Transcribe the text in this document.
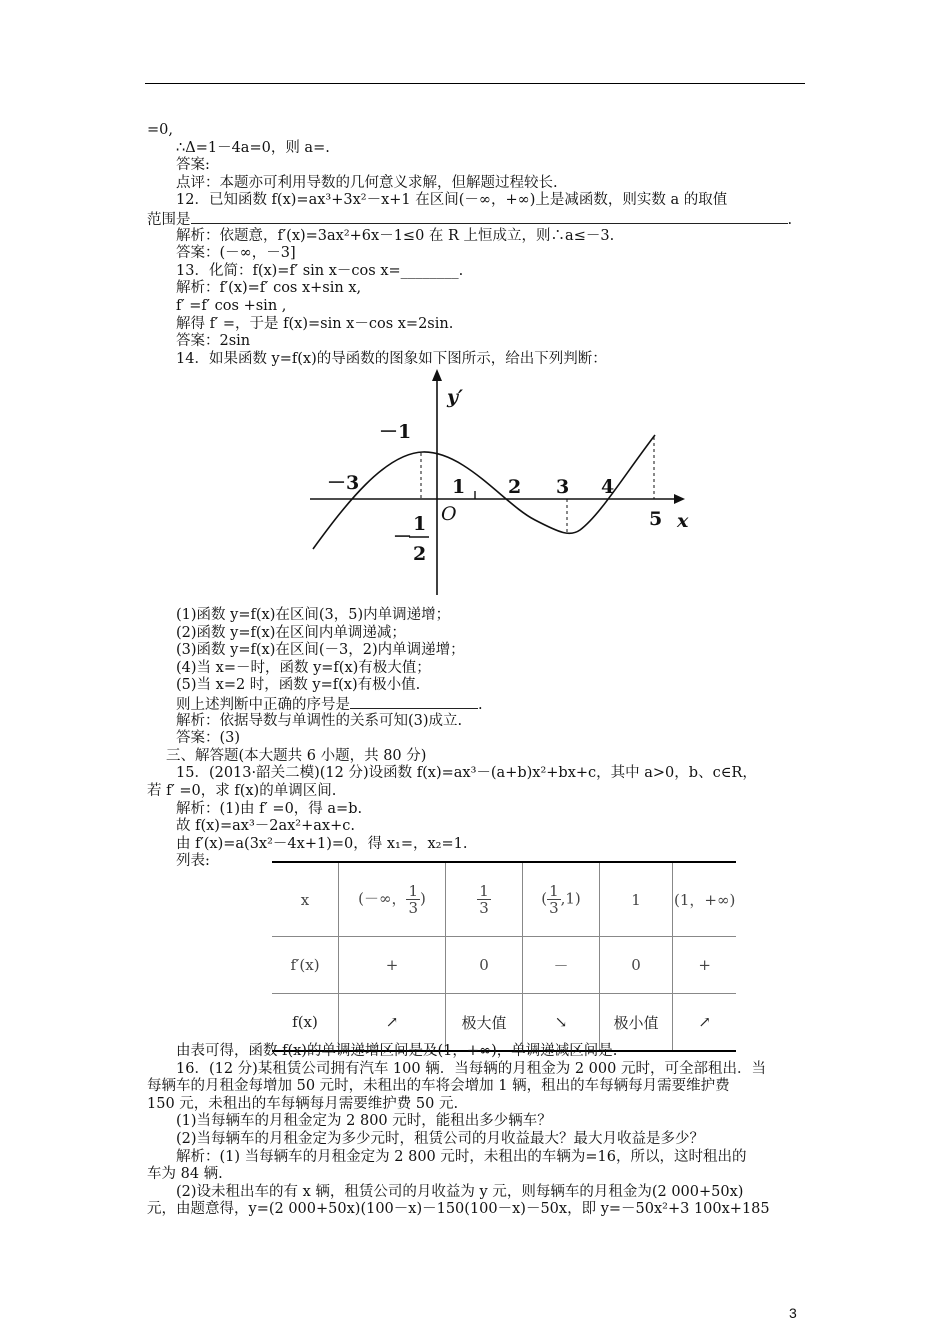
=0,
∴Δ=1－4a=0，则 a=.
答案:
点评：本题亦可利用导数的几何意义求解，但解题过程较长.
12．已知函数 f(x)=ax³+3x²－x+1 在区间(－∞，+∞)上是减函数，则实数 a 的取值
范围是	.
解析：依题意，f′(x)=3ax²+6x－1≤0 在 R 上恒成立，则∴a≤－3.
答案：(－∞，－3]
13．化简：f(x)=f′ sin x－cos x=________.
解析：f′(x)=f′ cos x+sin x,
f′ =f′ cos +sin ,
解得 f′ =，于是 f(x)=sin x－cos x=2sin.
答案：2sin
14．如果函数 y=f(x)的导函数的图象如下图所示，给出下列判断：
y′
x
O
－1
－3	1 2 3 4
5
－
1
2
(1)函数 y=f(x)在区间(3，5)内单调递增；
(2)函数 y=f(x)在区间内单调递减；
(3)函数 y=f(x)在区间(－3，2)内单调递增；
(4)当 x=－时，函数 y=f(x)有极大值；
(5)当 x=2 时，函数 y=f(x)有极小值.
则上述判断中正确的序号是	.
解析：依据导数与单调性的关系可知(3)成立.
答案：(3)
三、解答题(本大题共 6 小题，共 80 分)
15．(2013·韶关二模)(12 分)设函数 f(x)=ax³－(a+b)x²+bx+c，其中 a>0，b、c∈R，
若 f′ =0，求 f(x)的单调区间.
解析：(1)由 f′ =0，得 a=b.
故 f(x)=ax³－2ax²+ax+c.
由 f′(x)=a(3x²－4x+1)=0，得 x₁=，x₂=1.
列表:
x	(－∞， $\frac{1}{3}$ )	$\frac{1}{3}$	( $\frac{1}{3} ,1$)	1	(1，+∞)
f′(x)	+	0	－	0	+
f(x)	↗	极大值	↘	极小值	↗
由表可得，函数 f(x)的单调递增区间是及(1，+∞)，单调递减区间是.
16．(12 分)某租赁公司拥有汽车 100 辆．当每辆的月租金为 2 000 元时，可全部租出．当
每辆车的月租金每增加 50 元时，未租出的车将会增加 1 辆，租出的车每辆每月需要维护费
150 元，未租出的车每辆每月需要维护费 50 元.
(1)当每辆车的月租金定为 2 800 元时，能租出多少辆车？
(2)当每辆车的月租金定为多少元时，租赁公司的月收益最大？最大月收益是多少？
解析：(1) 当每辆车的月租金定为 2 800 元时，未租出的车辆为=16，所以，这时租出的
车为 84 辆.
(2)设未租出车的有 x 辆，租赁公司的月收益为 y 元，则每辆车的月租金为(2 000+50x)
元，由题意得，y=(2 000+50x)(100－x)－150(100－x)－50x，即 y=－50x²+3 100x+185
3
